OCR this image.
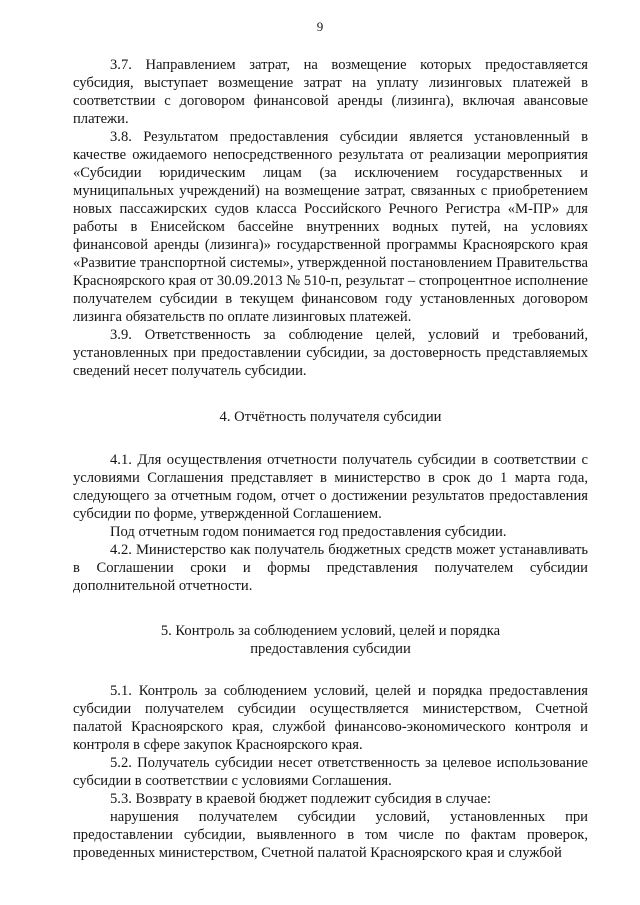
9

3.7. Направлением затрат, на возмещение которых предоставляется субсидия, выступает возмещение затрат на уплату лизинговых платежей в соответствии с договором финансовой аренды (лизинга), включая авансовые платежи.

3.8. Результатом предоставления субсидии является установленный в качестве ожидаемого непосредственного результата от реализации мероприятия «Субсидии юридическим лицам (за исключением государственных и муниципальных учреждений) на возмещение затрат, связанных с приобретением новых пассажирских судов класса Российского Речного Регистра «М-ПР» для работы в Енисейском бассейне внутренних водных путей, на условиях финансовой аренды (лизинга)» государственной программы Красноярского края «Развитие транспортной системы», утвержденной постановлением Правительства Красноярского края от 30.09.2013 № 510-п, результат – стопроцентное исполнение получателем субсидии в текущем финансовом году установленных договором лизинга обязательств по оплате лизинговых платежей.

3.9. Ответственность за соблюдение целей, условий и требований, установленных при предоставлении субсидии, за достоверность представляемых сведений несет получатель субсидии.

4. Отчётность получателя субсидии

4.1. Для осуществления отчетности получатель субсидии в соответствии с условиями Соглашения представляет в министерство в срок до 1 марта года, следующего за отчетным годом, отчет о достижении результатов предоставления субсидии по форме, утвержденной Соглашением.

Под отчетным годом понимается год предоставления субсидии.

4.2. Министерство как получатель бюджетных средств может устанавливать в Соглашении сроки и формы представления получателем субсидии дополнительной отчетности.

5. Контроль за соблюдением условий, целей и порядка

предоставления субсидии

5.1. Контроль за соблюдением условий, целей и порядка предоставления субсидии получателем субсидии осуществляется министерством, Счетной палатой Красноярского края, службой финансово-экономического контроля и контроля в сфере закупок Красноярского края.

5.2. Получатель субсидии несет ответственность за целевое использование субсидии в соответствии с условиями Соглашения.

5.3. Возврату в краевой бюджет подлежит субсидия в случае:

нарушения получателем субсидии условий, установленных при предоставлении субсидии, выявленного в том числе по фактам проверок, проведенных министерством, Счетной палатой Красноярского края и службой
